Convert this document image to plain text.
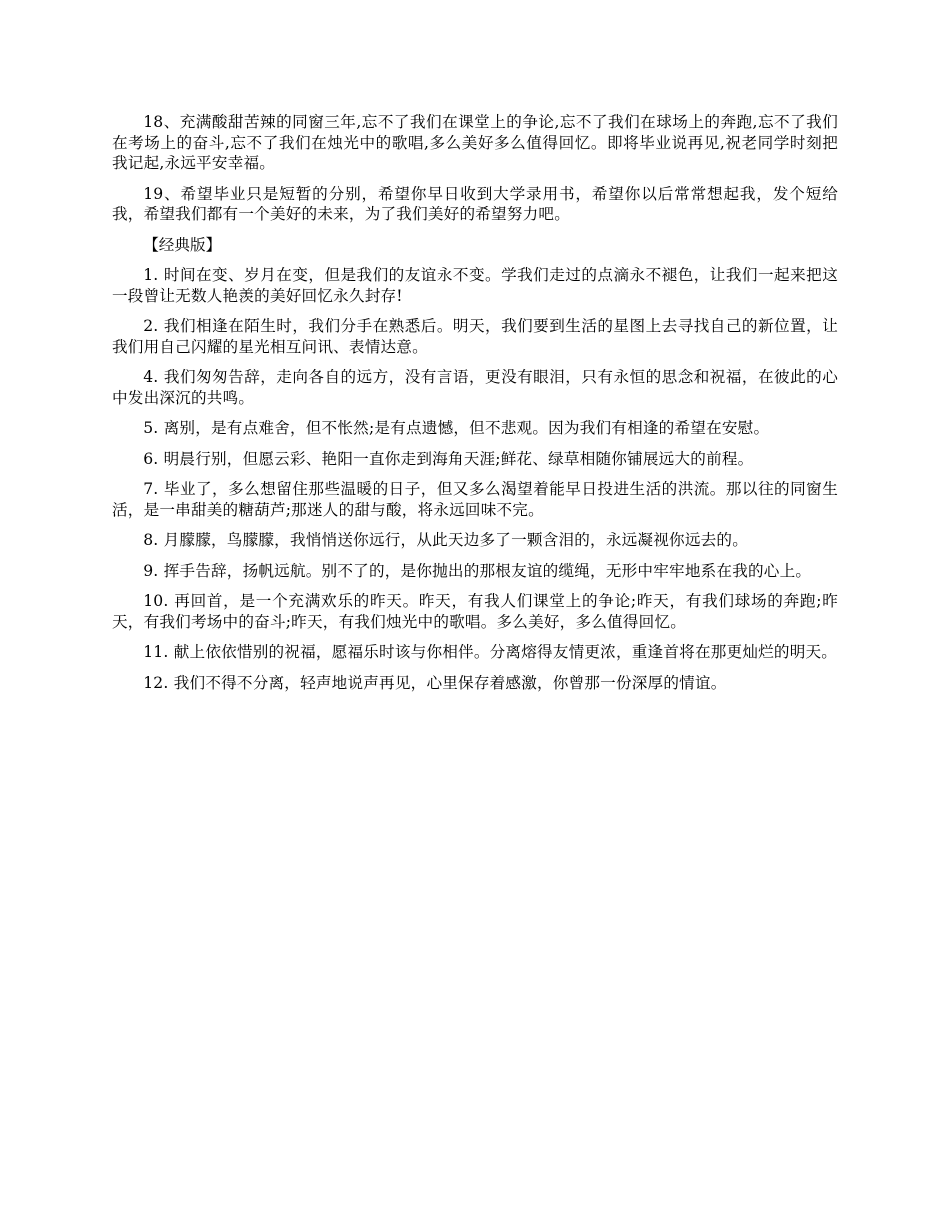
18、充满酸甜苦辣的同窗三年,忘不了我们在课堂上的争论,忘不了我们在球场上的奔跑,忘不了我们在考场上的奋斗,忘不了我们在烛光中的歌唱,多么美好多么值得回忆。即将毕业说再见,祝老同学时刻把我记起,永远平安幸福。

19、希望毕业只是短暂的分别，希望你早日收到大学录用书，希望你以后常常想起我，发个短给我，希望我们都有一个美好的未来，为了我们美好的希望努力吧。

【经典版】

1. 时间在变、岁月在变，但是我们的友谊永不变。学我们走过的点滴永不褪色，让我们一起来把这一段曾让无数人艳羡的美好回忆永久封存!

2. 我们相逢在陌生时，我们分手在熟悉后。明天，我们要到生活的星图上去寻找自己的新位置，让我们用自己闪耀的星光相互问讯、表情达意。

4. 我们匆匆告辞，走向各自的远方，没有言语，更没有眼泪，只有永恒的思念和祝福，在彼此的心中发出深沉的共鸣。

5. 离别，是有点难舍，但不怅然;是有点遗憾，但不悲观。因为我们有相逢的希望在安慰。

6. 明晨行别，但愿云彩、艳阳一直你走到海角天涯;鲜花、绿草相随你铺展远大的前程。

7. 毕业了，多么想留住那些温暖的日子，但又多么渴望着能早日投进生活的洪流。那以往的同窗生活，是一串甜美的糖葫芦;那迷人的甜与酸，将永远回味不完。

8. 月朦朦，鸟朦朦，我悄悄送你远行，从此天边多了一颗含泪的，永远凝视你远去的。

9. 挥手告辞，扬帆远航。别不了的，是你抛出的那根友谊的缆绳，无形中牢牢地系在我的心上。

10. 再回首，是一个充满欢乐的昨天。昨天，有我人们课堂上的争论;昨天，有我们球场的奔跑;昨天，有我们考场中的奋斗;昨天，有我们烛光中的歌唱。多么美好，多么值得回忆。

11. 献上依依惜别的祝福，愿福乐时该与你相伴。分离熔得友情更浓，重逢首将在那更灿烂的明天。

12. 我们不得不分离，轻声地说声再见，心里保存着感激，你曾那一份深厚的情谊。
